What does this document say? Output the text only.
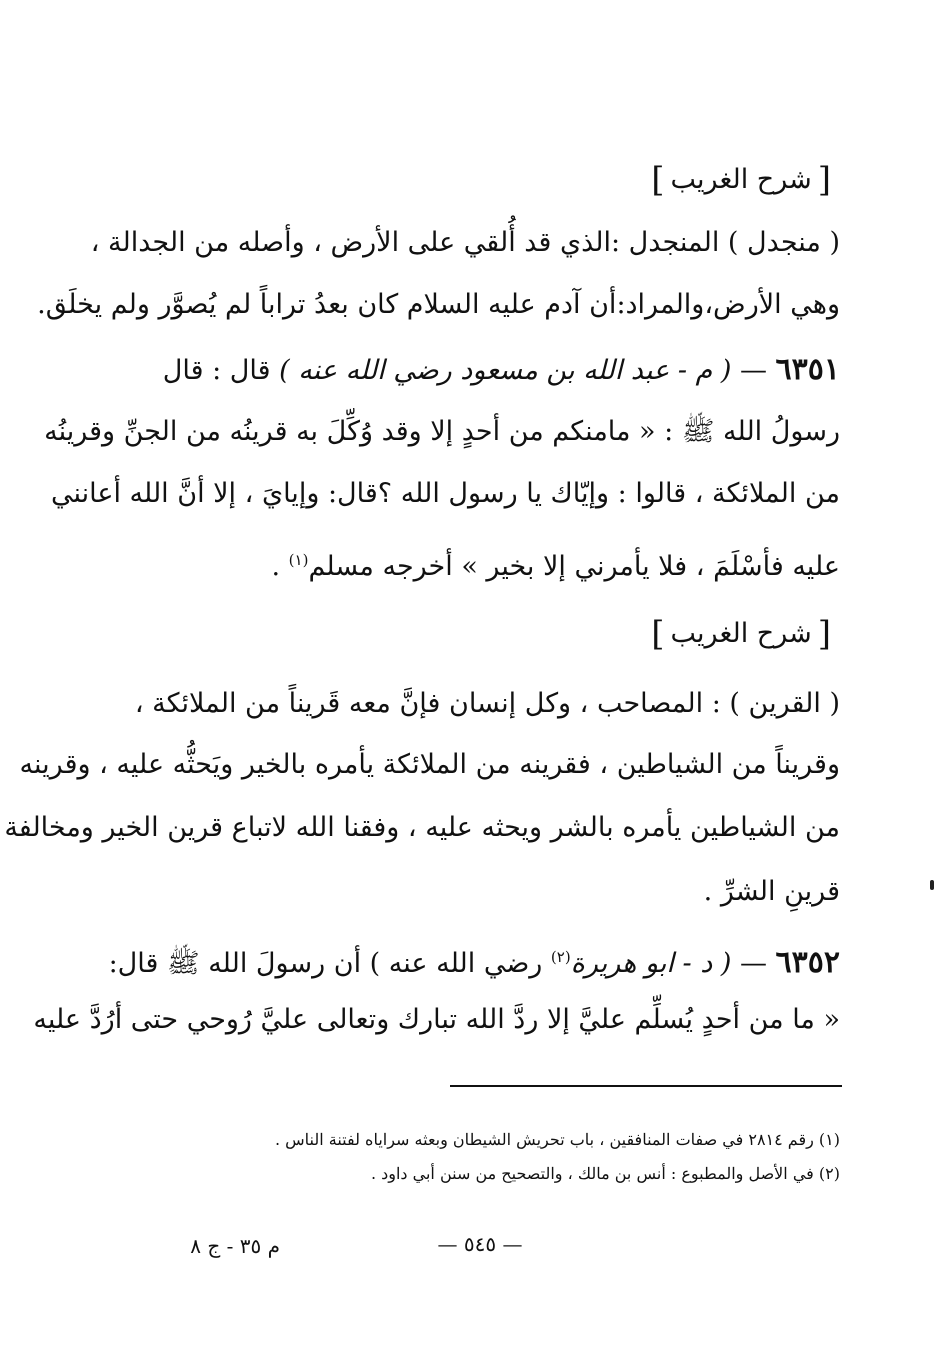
[شرح الغريب]
( منجدل ) المنجدل :الذي قد أُلقي على الأرض ، وأصله من الجدالة ،
وهي الأرض،والمراد:أن آدم عليه السلام كان بعدُ تراباً لم يُصوَّر ولم يخلَق.
٦٣٥١ — ( م - عبد الله بن مسعود رضي الله عنه ) قال : قال
رسولُ الله ﷺ : « مامنكم من أحدٍ إلا وقد وُكِّلَ به قرينُه من الجنِّ وقرينُه
من الملائكة ، قالوا : وإيّاك يا رسول الله ؟قال: وإيايَ ، إلا أنَّ الله أعانني
عليه فأسْلَمَ ، فلا يأمرني إلا بخير » أخرجه مسلم$^{(١)}$ .
[شرح الغريب]
( القرين ) : المصاحب ، وكل إنسان فإنَّ معه قَريناً من الملائكة ،
وقريناً من الشياطين ، فقرينه من الملائكة يأمره بالخير ويَحثُّه عليه ، وقرينه
من الشياطين يأمره بالشر ويحثه عليه ، وفقنا الله لاتباع قرين الخير ومخالفة
قرينِ الشرِّ .
٦٣٥٢ — ( د - ابو هريرة$^{(٢)}$ رضي الله عنه ) أن رسولَ الله ﷺ قال:
« ما من أحدٍ يُسلِّم عليَّ إلا ردَّ الله تبارك وتعالى عليَّ رُوحي حتى أرُدَّ عليه
(١) رقم ٢٨١٤ في صفات المنافقين ، باب تحريش الشيطان وبعثه سراياه لفتنة الناس .
(٢) في الأصل والمطبوع : أنس بن مالك ، والتصحيح من سنن أبي داود .
— ٥٤٥ —
م ٣٥ - ج ٨
